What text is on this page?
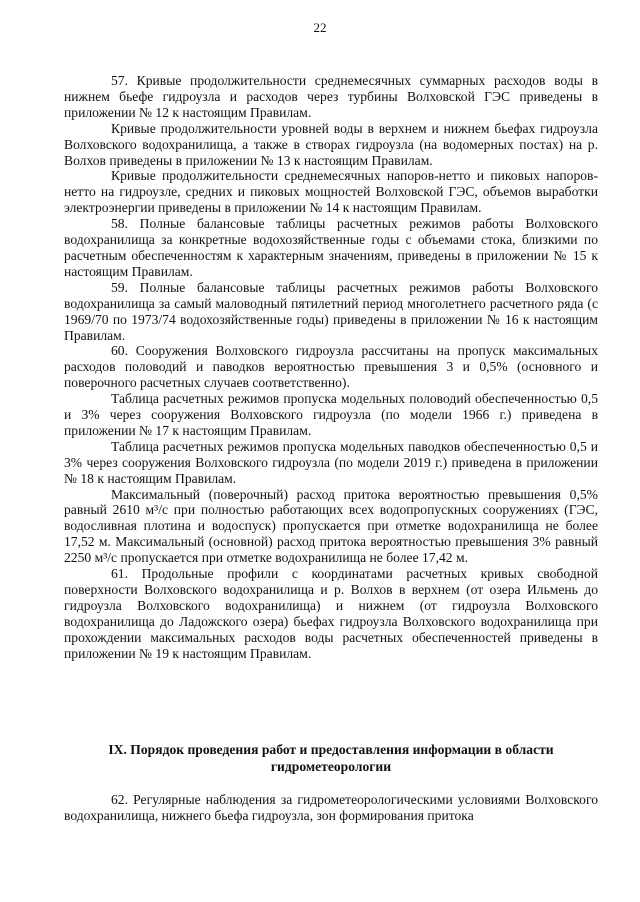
22

57. Кривые продолжительности среднемесячных суммарных расходов воды в нижнем бьефе гидроузла и расходов через турбины Волховской ГЭС приведены в приложении № 12 к настоящим Правилам.

Кривые продолжительности уровней воды в верхнем и нижнем бьефах гидроузла Волховского водохранилища, а также в створах гидроузла (на водомерных постах) на р. Волхов приведены в приложении № 13 к настоящим Правилам.

Кривые продолжительности среднемесячных напоров-нетто и пиковых напоров-нетто на гидроузле, средних и пиковых мощностей Волховской ГЭС, объемов выработки электроэнергии приведены в приложении № 14 к настоящим Правилам.

58. Полные балансовые таблицы расчетных режимов работы Волховского водохранилища за конкретные водохозяйственные годы с объемами стока, близкими по расчетным обеспеченностям к характерным значениям, приведены в приложении № 15 к настоящим Правилам.

59. Полные балансовые таблицы расчетных режимов работы Волховского водохранилища за самый маловодный пятилетний период многолетнего расчетного ряда (с 1969/70 по 1973/74 водохозяйственные годы) приведены в приложении № 16 к настоящим Правилам.

60. Сооружения Волховского гидроузла рассчитаны на пропуск максимальных расходов половодий и паводков вероятностью превышения 3 и 0,5% (основного и поверочного расчетных случаев соответственно).

Таблица расчетных режимов пропуска модельных половодий обеспеченностью 0,5 и 3% через сооружения Волховского гидроузла (по модели 1966 г.) приведена в приложении № 17 к настоящим Правилам.

Таблица расчетных режимов пропуска модельных паводков обеспеченностью 0,5 и 3% через сооружения Волховского гидроузла (по модели 2019 г.) приведена в приложении № 18 к настоящим Правилам.

Максимальный (поверочный) расход притока вероятностью превышения 0,5% равный 2610 м³/с при полностью работающих всех водопропускных сооружениях (ГЭС, водосливная плотина и водоспуск) пропускается при отметке водохранилища не более 17,52 м. Максимальный (основной) расход притока вероятностью превышения 3% равный 2250 м³/с пропускается при отметке водохранилища не более 17,42 м.

61. Продольные профили с координатами расчетных кривых свободной поверхности Волховского водохранилища и р. Волхов в верхнем (от озера Ильмень до гидроузла Волховского водохранилища) и нижнем (от гидроузла Волховского водохранилища до Ладожского озера) бьефах гидроузла Волховского водохранилища при прохождении максимальных расходов воды расчетных обеспеченностей приведены в приложении № 19 к настоящим Правилам.

IX. Порядок проведения работ и предоставления информации в области гидрометеорологии

62. Регулярные наблюдения за гидрометеорологическими условиями Волховского водохранилища, нижнего бьефа гидроузла, зон формирования притока
